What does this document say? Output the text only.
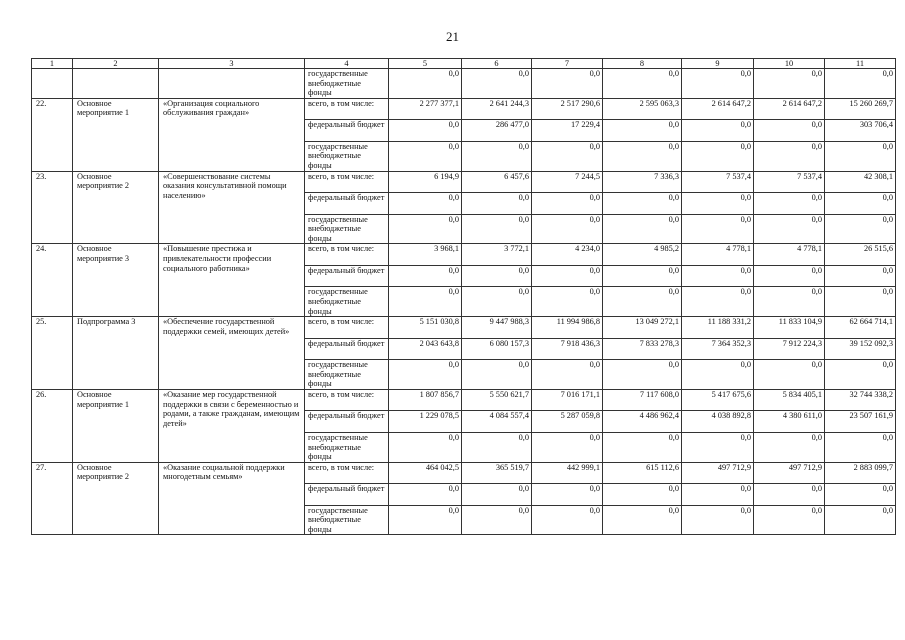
21
1	2	3	4	5	6	7	8	9	10	11
			государственные внебюджетные фонды	0,0	0,0	0,0	0,0	0,0	0,0	0,0
22.	Основное мероприятие 1	«Организация социального обслуживания граждан»	всего, в том числе:	2 277 377,1	2 641 244,3	2 517 290,6	2 595 063,3	2 614 647,2	2 614 647,2	15 260 269,7
			федеральный бюджет	0,0	286 477,0	17 229,4	0,0	0,0	0,0	303 706,4
			государственные внебюджетные фонды	0,0	0,0	0,0	0,0	0,0	0,0	0,0
23.	Основное мероприятие 2	«Совершенствование системы оказания консультативной помощи населению»	всего, в том числе:	6 194,9	6 457,6	7 244,5	7 336,3	7 537,4	7 537,4	42 308,1
			федеральный бюджет	0,0	0,0	0,0	0,0	0,0	0,0	0,0
			государственные внебюджетные фонды	0,0	0,0	0,0	0,0	0,0	0,0	0,0
24.	Основное мероприятие 3	«Повышение престижа и привлекательности профессии социального работника»	всего, в том числе:	3 968,1	3 772,1	4 234,0	4 985,2	4 778,1	4 778,1	26 515,6
			федеральный бюджет	0,0	0,0	0,0	0,0	0,0	0,0	0,0
			государственные внебюджетные фонды	0,0	0,0	0,0	0,0	0,0	0,0	0,0
25.	Подпрограмма 3	«Обеспечение государственной поддержки семей, имеющих детей»	всего, в том числе:	5 151 030,8	9 447 988,3	11 994 986,8	13 049 272,1	11 188 331,2	11 833 104,9	62 664 714,1
			федеральный бюджет	2 043 643,8	6 080 157,3	7 918 436,3	7 833 278,3	7 364 352,3	7 912 224,3	39 152 092,3
			государственные внебюджетные фонды	0,0	0,0	0,0	0,0	0,0	0,0	0,0
26.	Основное мероприятие 1	«Оказание мер государственной поддержки в связи с беременностью и родами, а также гражданам, имеющим детей»	всего, в том числе:	1 807 856,7	5 550 621,7	7 016 171,1	7 117 608,0	5 417 675,6	5 834 405,1	32 744 338,2
			федеральный бюджет	1 229 078,5	4 084 557,4	5 287 059,8	4 486 962,4	4 038 892,8	4 380 611,0	23 507 161,9
			государственные внебюджетные фонды	0,0	0,0	0,0	0,0	0,0	0,0	0,0
27.	Основное мероприятие 2	«Оказание социальной поддержки многодетным семьям»	всего, в том числе:	464 042,5	365 519,7	442 999,1	615 112,6	497 712,9	497 712,9	2 883 099,7
			федеральный бюджет	0,0	0,0	0,0	0,0	0,0	0,0	0,0
			государственные внебюджетные фонды	0,0	0,0	0,0	0,0	0,0	0,0	0,0
